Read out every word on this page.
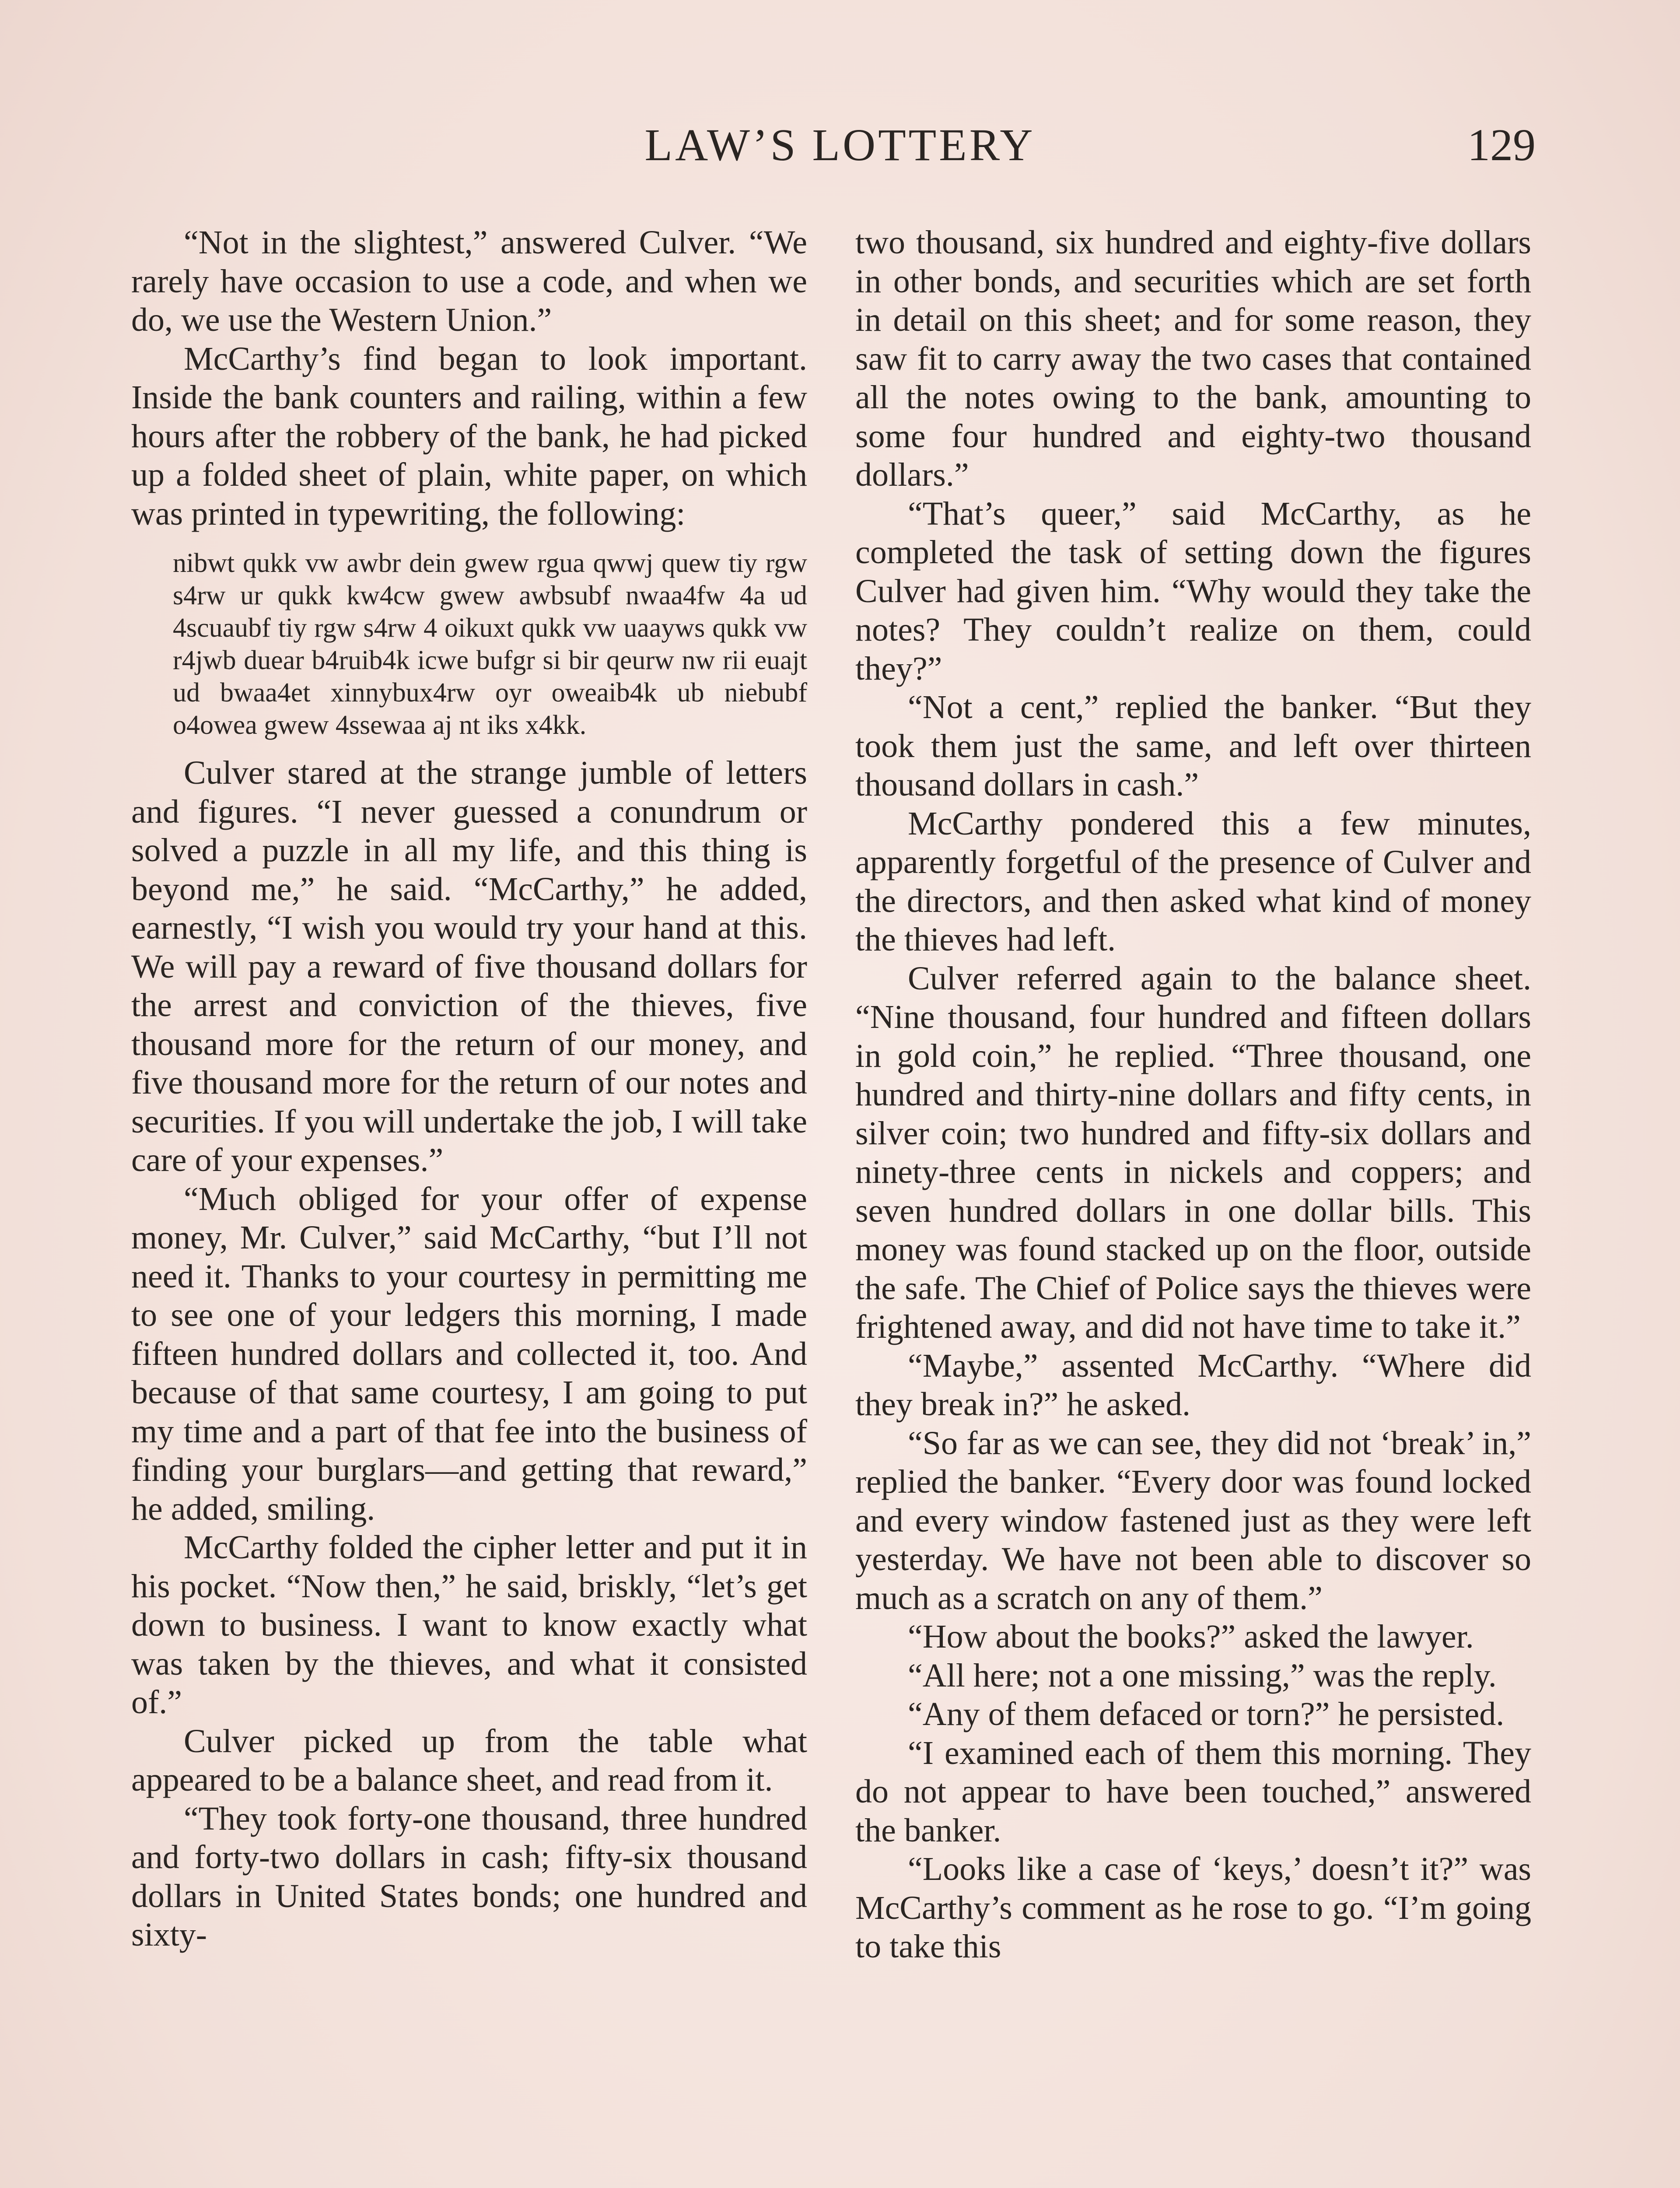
LAW’S LOTTERY	129

“Not in the slightest,” answered Culver. “We rarely have occasion to use a code, and when we do, we use the Western Union.”

McCarthy’s find began to look important. Inside the bank counters and railing, within a few hours after the robbery of the bank, he had picked up a folded sheet of plain, white paper, on which was printed in typewriting, the following:

nibwt qukk vw awbr dein gwew rgua qwwj quew tiy rgw s4rw ur qukk kw4cw gwew awbsubf nwaa4fw 4a ud 4scuaubf tiy rgw s4rw 4 oikuxt qukk vw uaayws qukk vw r4jwb duear b4ruib4k icwe bufgr si bir qeurw nw rii euajt ud bwaa4et xinnybux4rw oyr oweaib4k ub niebubf o4owea gwew 4ssewaa aj nt iks x4kk.

Culver stared at the strange jumble of letters and figures. “I never guessed a conundrum or solved a puzzle in all my life, and this thing is beyond me,” he said. “McCarthy,” he added, earnestly, “I wish you would try your hand at this. We will pay a reward of five thousand dollars for the arrest and conviction of the thieves, five thousand more for the return of our money, and five thousand more for the return of our notes and securities. If you will undertake the job, I will take care of your expenses.”

“Much obliged for your offer of expense money, Mr. Culver,” said McCarthy, “but I’ll not need it. Thanks to your courtesy in permitting me to see one of your ledgers this morning, I made fifteen hundred dollars and collected it, too. And because of that same courtesy, I am going to put my time and a part of that fee into the business of finding your burglars—and getting that reward,” he added, smiling.

McCarthy folded the cipher letter and put it in his pocket. “Now then,” he said, briskly, “let’s get down to business. I want to know exactly what was taken by the thieves, and what it consisted of.”

Culver picked up from the table what appeared to be a balance sheet, and read from it.

“They took forty-one thousand, three hundred and forty-two dollars in cash; fifty-six thousand dollars in United States bonds; one hundred and sixty-

two thousand, six hundred and eighty-five dollars in other bonds, and securities which are set forth in detail on this sheet; and for some reason, they saw fit to carry away the two cases that contained all the notes owing to the bank, amounting to some four hundred and eighty-two thousand dollars.”

“That’s queer,” said McCarthy, as he completed the task of setting down the figures Culver had given him. “Why would they take the notes? They couldn’t realize on them, could they?”

“Not a cent,” replied the banker. “But they took them just the same, and left over thirteen thousand dollars in cash.”

McCarthy pondered this a few minutes, apparently forgetful of the presence of Culver and the directors, and then asked what kind of money the thieves had left.

Culver referred again to the balance sheet. “Nine thousand, four hundred and fifteen dollars in gold coin,” he replied. “Three thousand, one hundred and thirty-nine dollars and fifty cents, in silver coin; two hundred and fifty-six dollars and ninety-three cents in nickels and coppers; and seven hundred dollars in one dollar bills. This money was found stacked up on the floor, outside the safe. The Chief of Police says the thieves were frightened away, and did not have time to take it.”

“Maybe,” assented McCarthy. “Where did they break in?” he asked.

“So far as we can see, they did not ‘break’ in,” replied the banker. “Every door was found locked and every window fastened just as they were left yesterday. We have not been able to discover so much as a scratch on any of them.”

“How about the books?” asked the lawyer.

“All here; not a one missing,” was the reply.

“Any of them defaced or torn?” he persisted.

“I examined each of them this morning. They do not appear to have been touched,” answered the banker.

“Looks like a case of ‘keys,’ doesn’t it?” was McCarthy’s comment as he rose to go. “I’m going to take this
